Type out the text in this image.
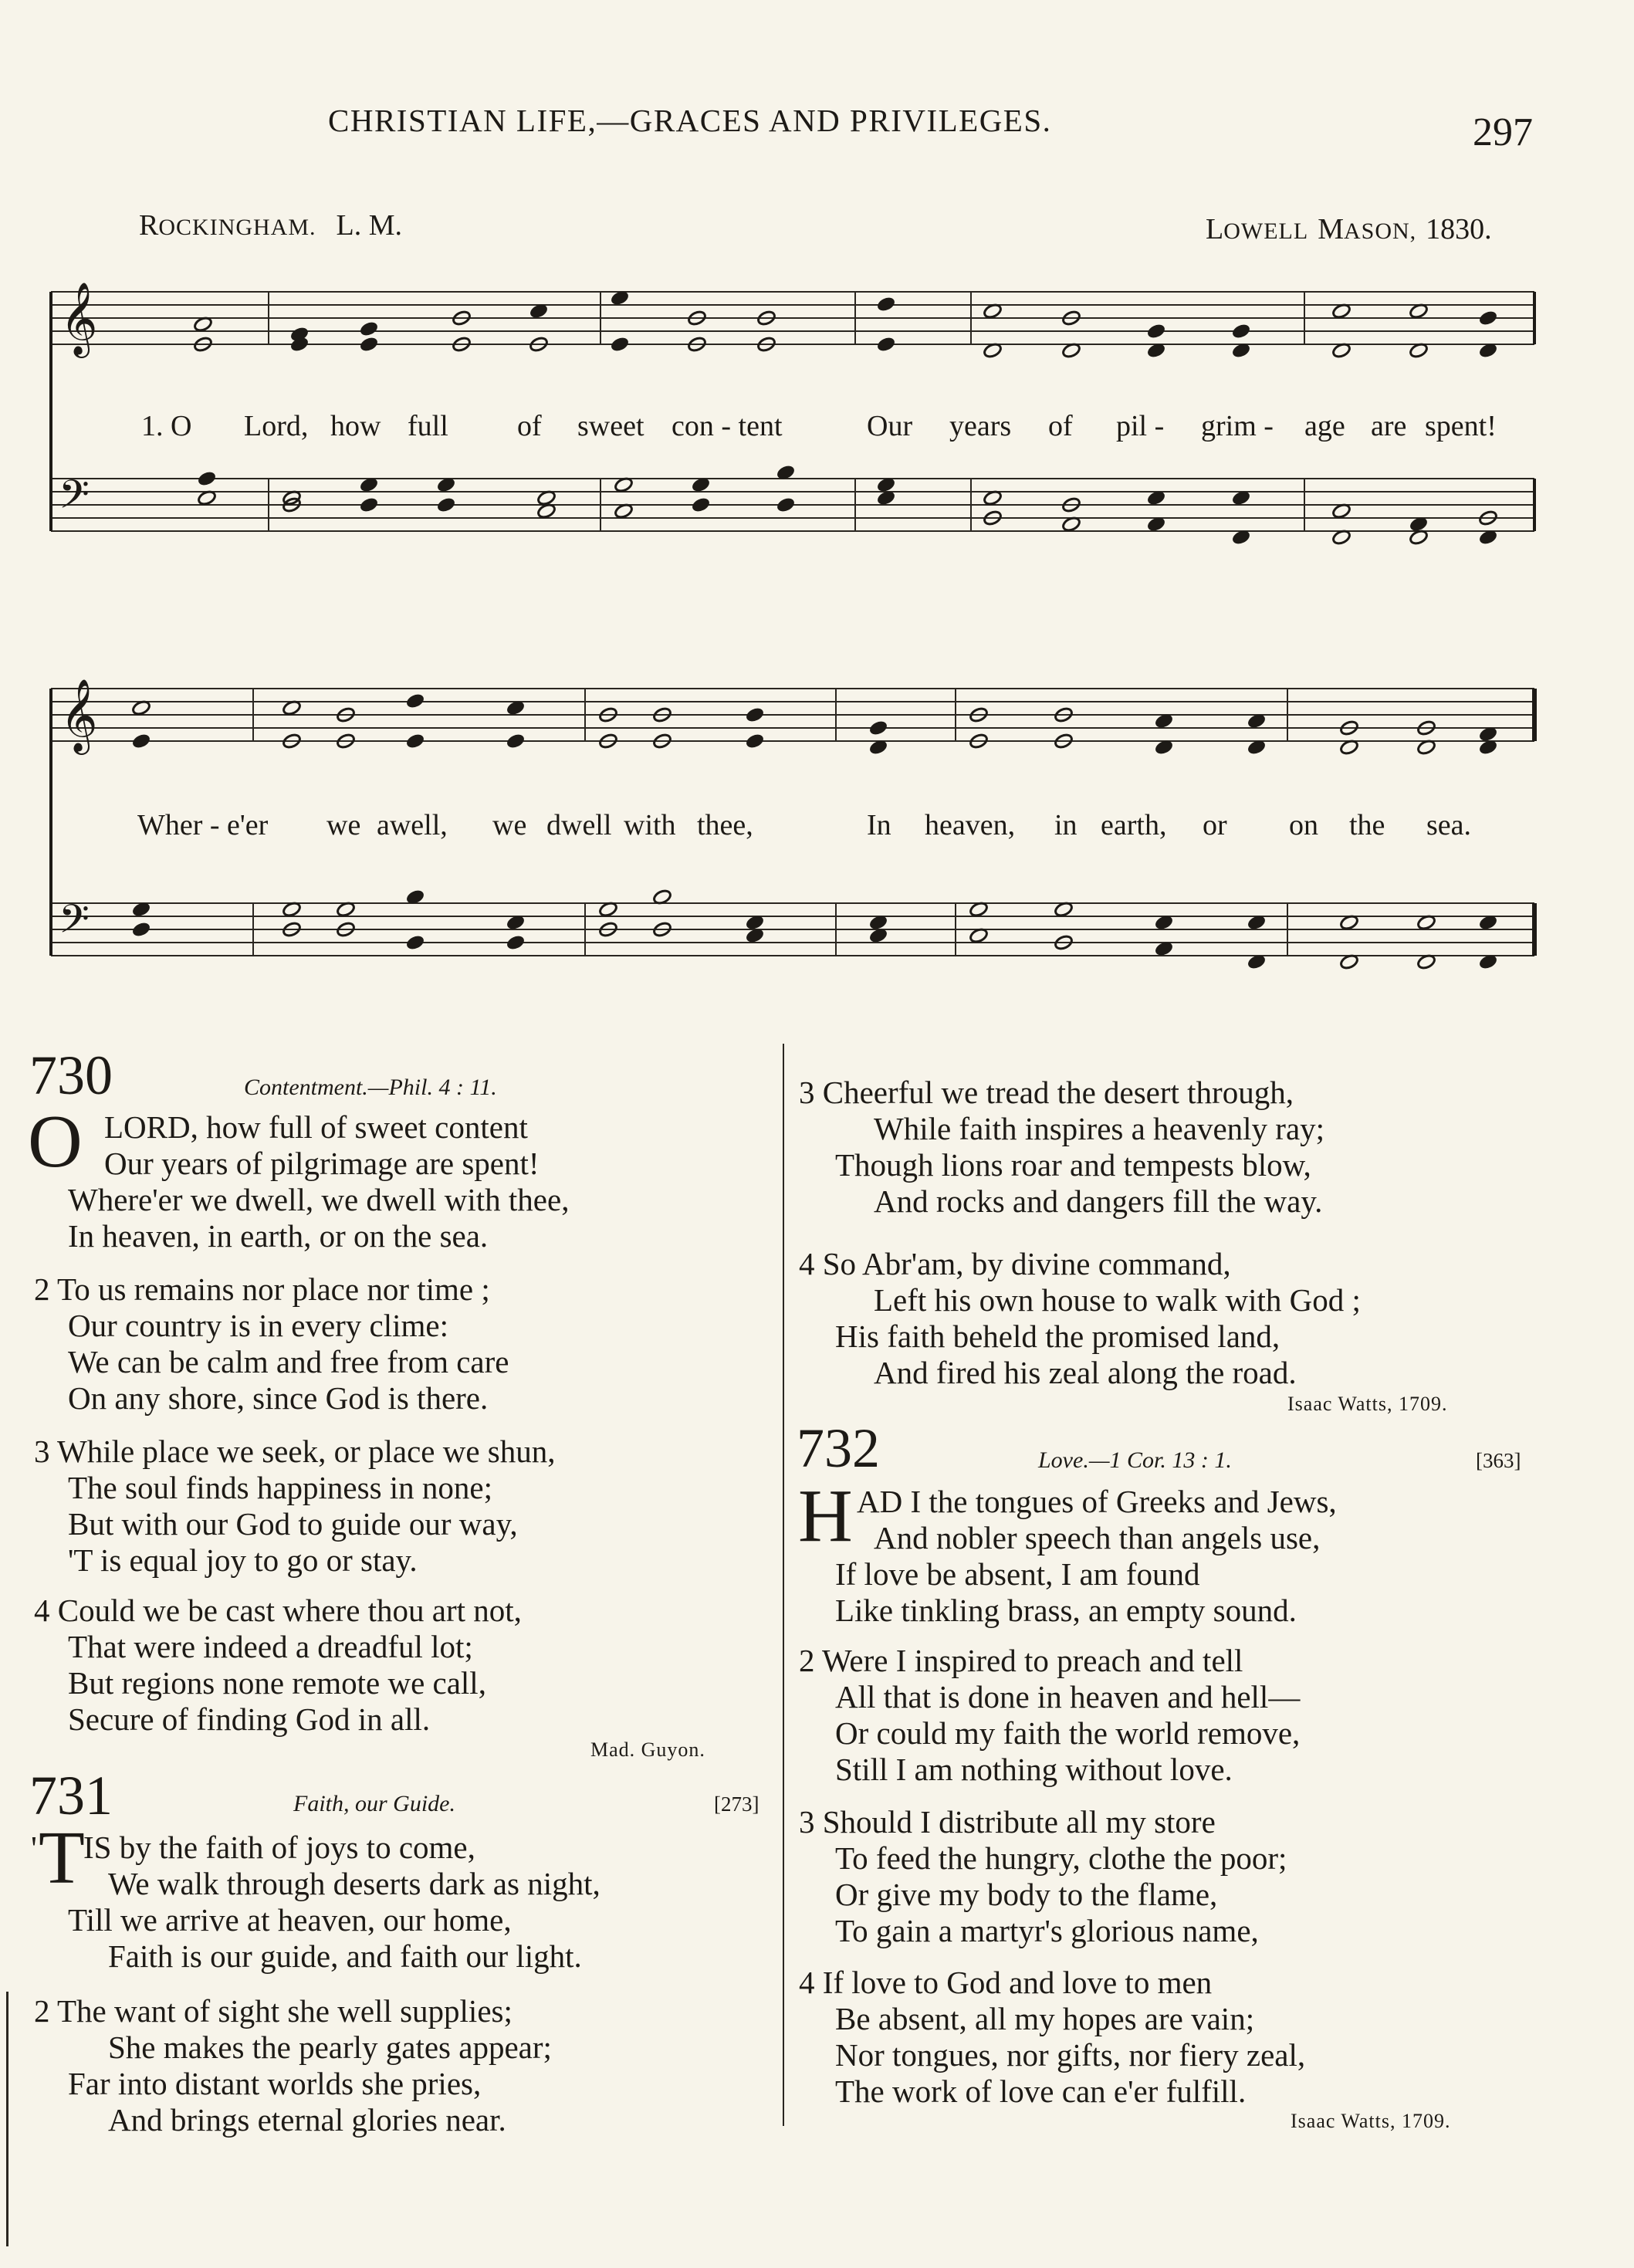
CHRISTIAN LIFE,—GRACES AND PRIVILEGES.	297
ROCKINGHAM. L. M.	LOWELL MASON, 1830.
𝄞
𝄢
1. O Lord, how full of sweet con - tent	Our years of pil - grim - age are spent!
𝄞
𝄢
Wher - e'er we awell, we dwell with thee,	In heaven, in earth, or on the sea.
730	Contentment.—Phil. 4 : 11.
O LORD, how full of sweet content
Our years of pilgrimage are spent!
Where'er we dwell, we dwell with thee,
In heaven, in earth, or on the sea.
2 To us remains nor place nor time ;
Our country is in every clime:
We can be calm and free from care
On any shore, since God is there.
3 While place we seek, or place we shun,
The soul finds happiness in none;
But with our God to guide our way,
'T is equal joy to go or stay.
4 Could we be cast where thou art not,
That were indeed a dreadful lot;
But regions none remote we call,
Secure of finding God in all.
Mad. Guyon.
731	Faith, our Guide.	[273]
' T
IS by the faith of joys to come,
We walk through deserts dark as night,
Till we arrive at heaven, our home,
Faith is our guide, and faith our light.
2 The want of sight she well supplies;
She makes the pearly gates appear;
Far into distant worlds she pries,
And brings eternal glories near.
3 Cheerful we tread the desert through,
While faith inspires a heavenly ray;
Though lions roar and tempests blow,
And rocks and dangers fill the way.
4 So Abr'am, by divine command,
Left his own house to walk with God ;
His faith beheld the promised land,
And fired his zeal along the road.
Isaac Watts, 1709.
732	Love.—1 Cor. 13 : 1.	[363]
H AD I the tongues of Greeks and Jews,
And nobler speech than angels use,
If love be absent, I am found
Like tinkling brass, an empty sound.
2 Were I inspired to preach and tell
All that is done in heaven and hell—
Or could my faith the world remove,
Still I am nothing without love.
3 Should I distribute all my store
To feed the hungry, clothe the poor;
Or give my body to the flame,
To gain a martyr's glorious name,
4 If love to God and love to men
Be absent, all my hopes are vain;
Nor tongues, nor gifts, nor fiery zeal,
The work of love can e'er fulfill.
Isaac Watts, 1709.
